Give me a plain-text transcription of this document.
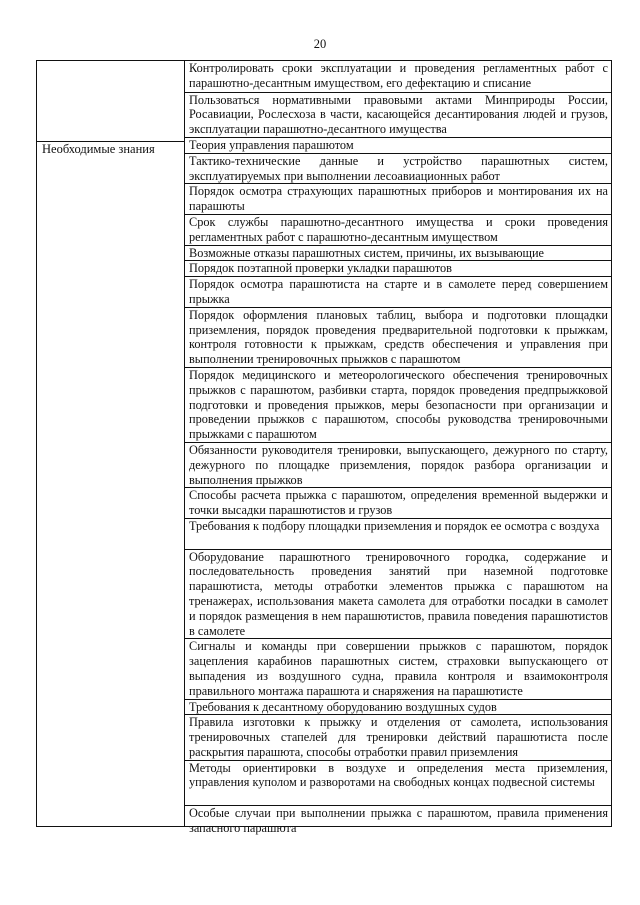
20
Необходимые знания
Контролировать сроки эксплуатации и проведения регламентных работ с парашютно-десантным имуществом, его дефектацию и списание
Пользоваться нормативными правовыми актами Минприроды России, Росавиации, Рослесхоза в части, касающейся десантирования людей и грузов, эксплуатации парашютно-десантного имущества
Теория управления парашютом
Тактико-технические данные и устройство парашютных систем, эксплуатируемых при выполнении лесоавиационных работ
Порядок осмотра страхующих парашютных приборов и монтирования их на парашюты
Срок службы парашютно-десантного имущества и сроки проведения регламентных работ с парашютно-десантным имуществом
Возможные отказы парашютных систем, причины, их вызывающие
Порядок поэтапной проверки укладки парашютов
Порядок осмотра парашютиста на старте и в самолете перед совершением прыжка
Порядок оформления плановых таблиц, выбора и подготовки площадки приземления, порядок проведения предварительной подготовки к прыжкам, контроля готовности к прыжкам, средств обеспечения и управления при выполнении тренировочных прыжков с парашютом
Порядок медицинского и метеорологического обеспечения тренировочных прыжков с парашютом, разбивки старта, порядок проведения предпрыжковой подготовки и проведения прыжков, меры безопасности при организации и проведении прыжков с парашютом, способы руководства тренировочными прыжками с парашютом
Обязанности руководителя тренировки, выпускающего, дежурного по старту, дежурного по площадке приземления, порядок разбора организации и выполнения прыжков
Способы расчета прыжка с парашютом, определения временной выдержки и точки высадки парашютистов и грузов
Требования к подбору площадки приземления и порядок ее осмотра с воздуха
Оборудование парашютного тренировочного городка, содержание и последовательность проведения занятий при наземной подготовке парашютиста, методы отработки элементов прыжка с парашютом на тренажерах, использования макета самолета для отработки посадки в самолет и порядок размещения в нем парашютистов, правила поведения парашютистов в самолете
Сигналы и команды при совершении прыжков с парашютом, порядок зацепления карабинов парашютных систем, страховки выпускающего от выпадения из воздушного судна, правила контроля и взаимоконтроля правильного монтажа парашюта и снаряжения на парашютисте
Требования к десантному оборудованию воздушных судов
Правила изготовки к прыжку и отделения от самолета, использования тренировочных стапелей для тренировки действий парашютиста после раскрытия парашюта, способы отработки правил приземления
Методы ориентировки в воздухе и определения места приземления, управления куполом и разворотами на свободных концах подвесной системы
Особые случаи при выполнении прыжка с парашютом, правила применения запасного парашюта
